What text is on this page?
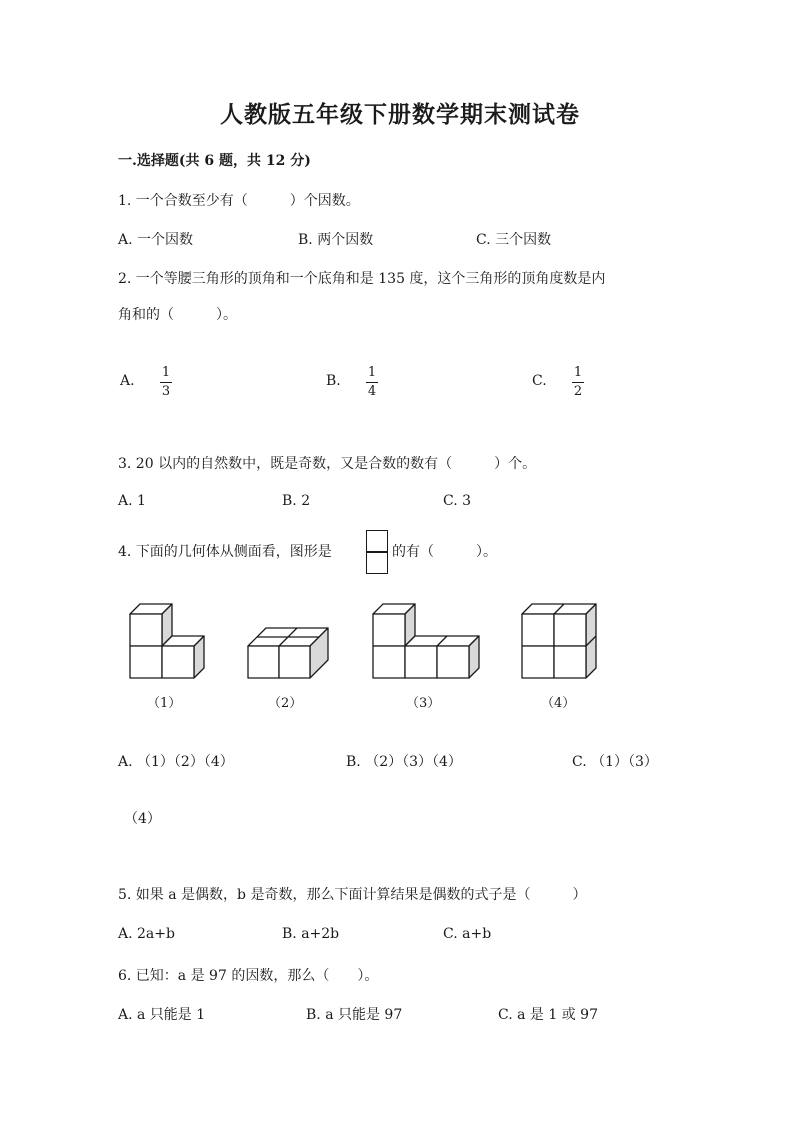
人教版五年级下册数学期末测试卷
一.选择题(共 6 题，共 12 分)
1. 一个合数至少有（　　　）个因数。
A. 一个因数	B. 两个因数	C. 三个因数
2. 一个等腰三角形的顶角和一个底角和是 135 度，这个三角形的顶角度数是内
角和的（　　　）。
A.
1
3
B.
1
4
C.
1
2
3. 20 以内的自然数中，既是奇数，又是合数的数有（　　　）个。
A. 1	B. 2	C. 3
4. 下面的几何体从侧面看，图形是	的有（　　　）。
（1）	（2）	（3）	（4）
A. （1）（2）（4）	B. （2）（3）（4）	C. （1）（3）
（4）
5. 如果 a 是偶数，b 是奇数，那么下面计算结果是偶数的式子是（　　　）
A. 2a+b	B. a+2b	C. a+b
6. 已知：a 是 97 的因数，那么（　　）。
A. a 只能是 1	B. a 只能是 97	C. a 是 1 或 97
